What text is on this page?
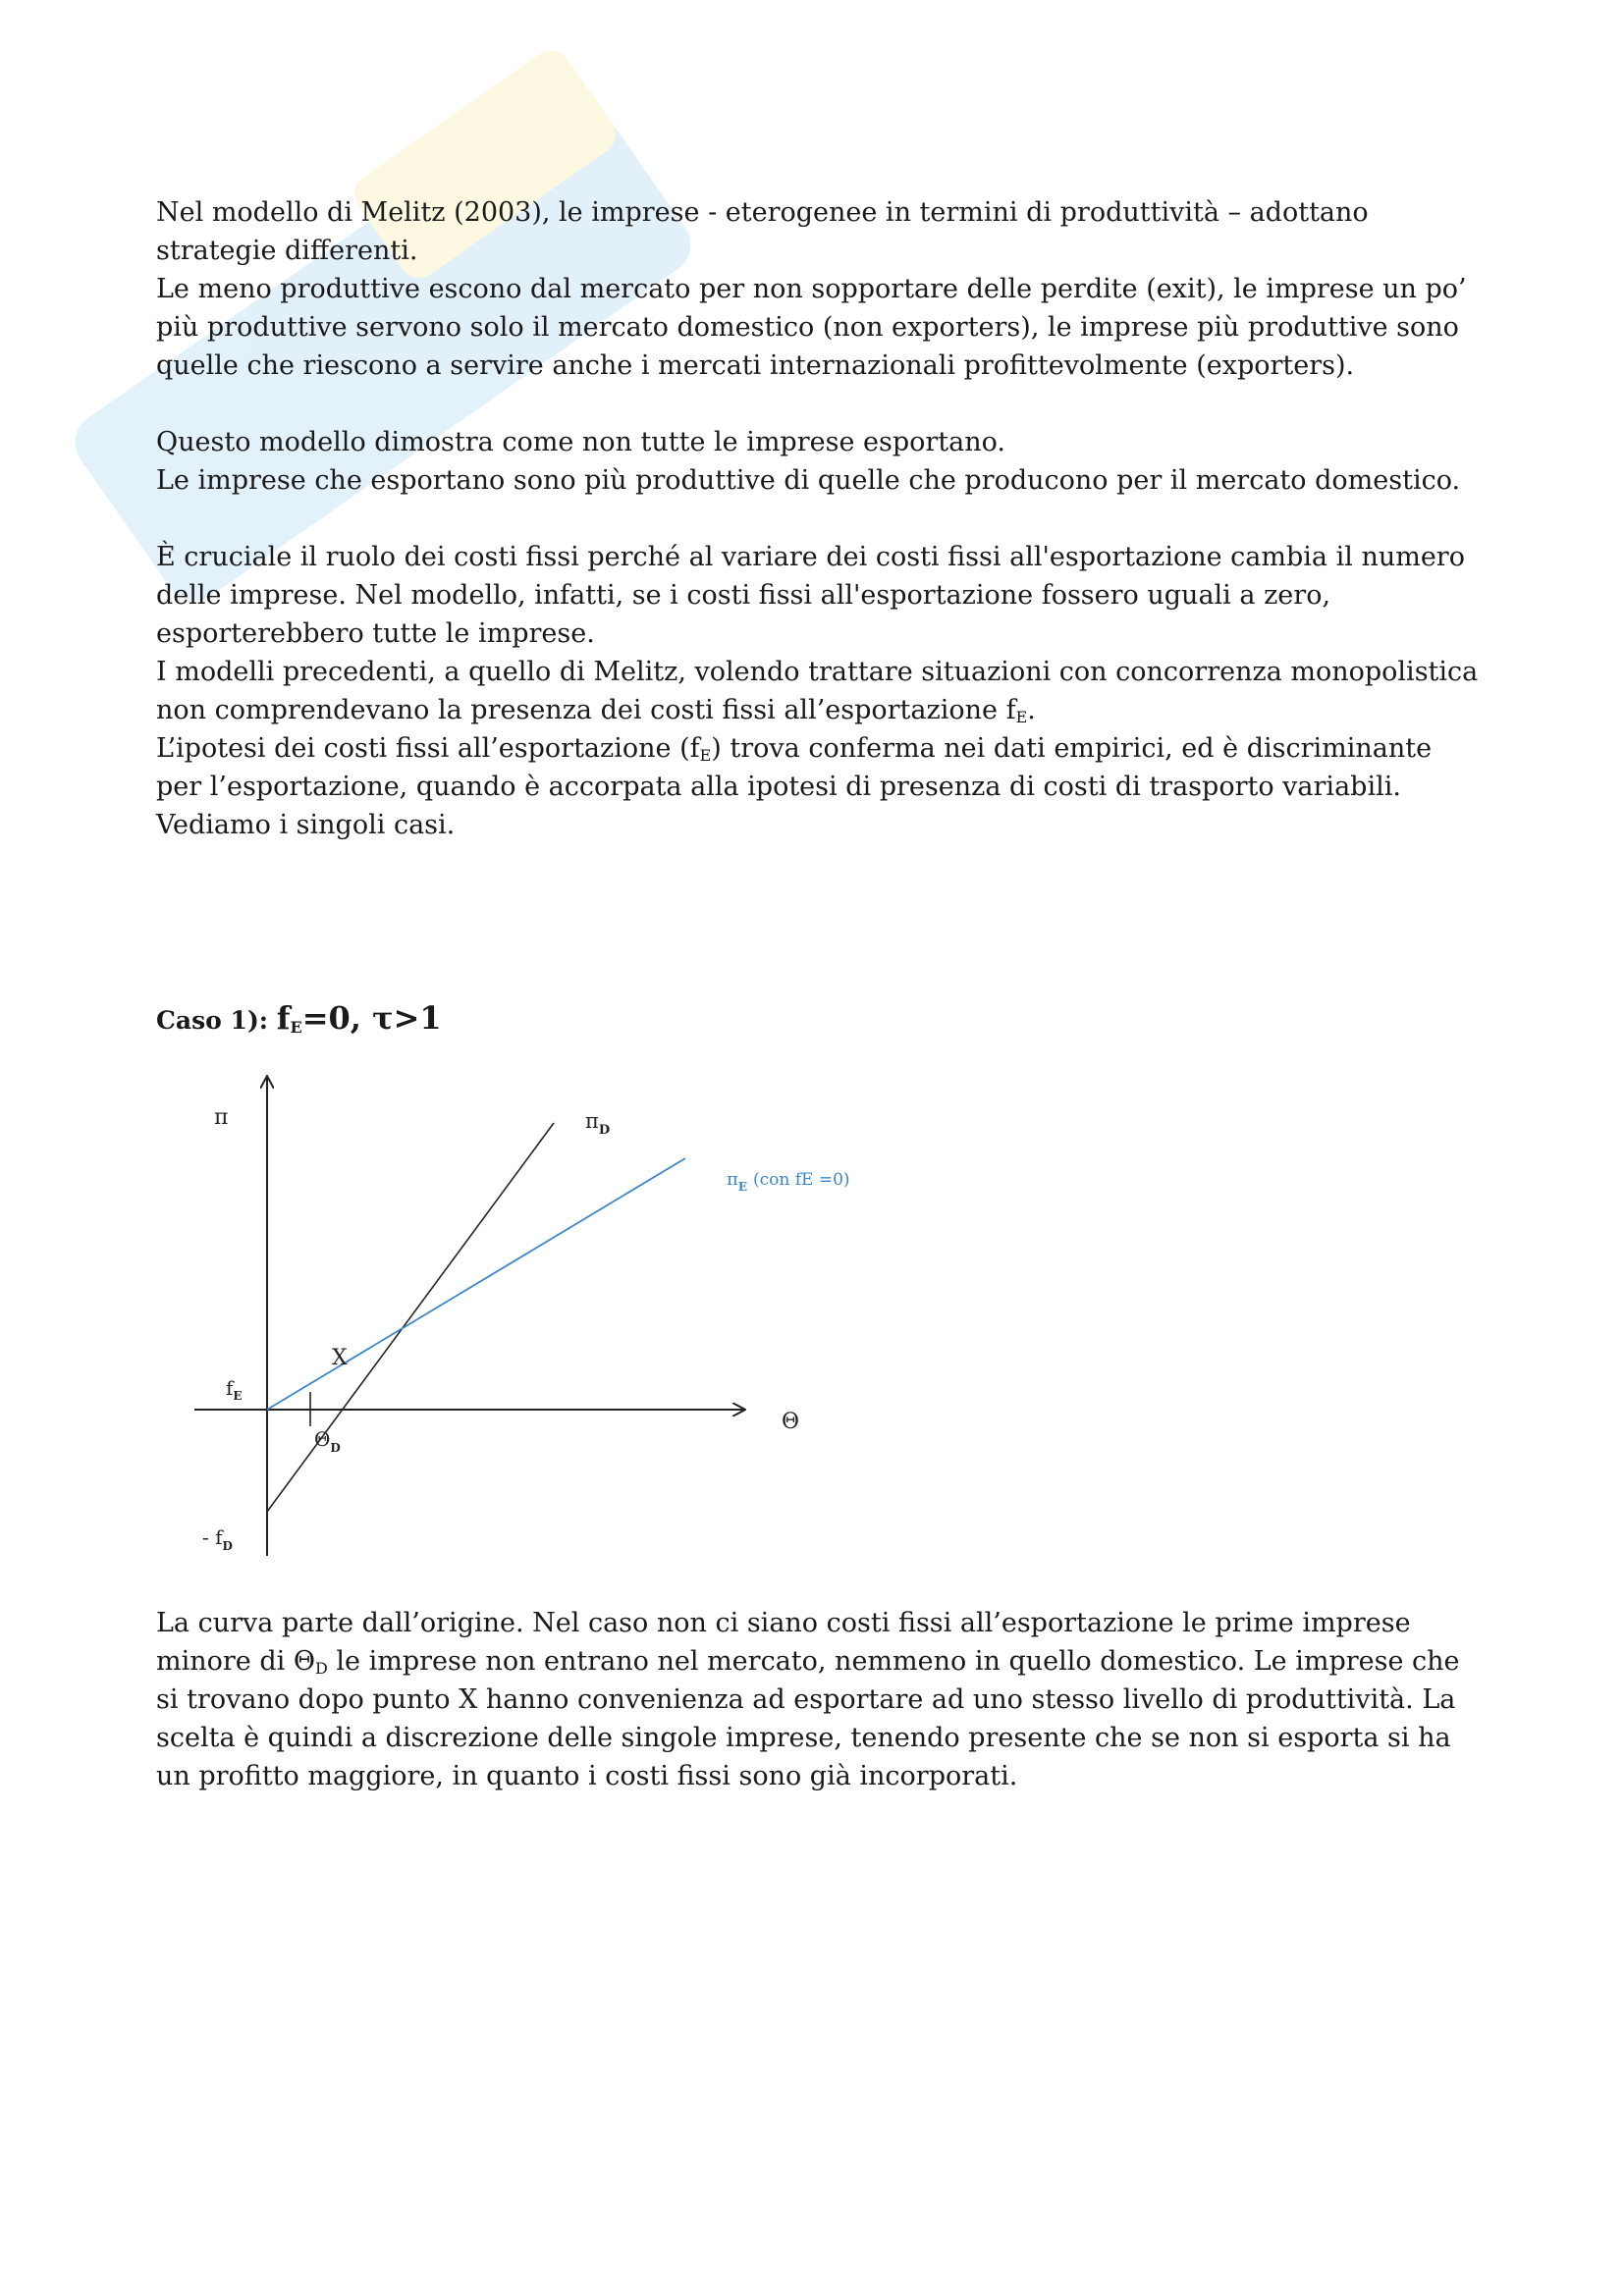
Nel modello di Melitz (2003), le imprese - eterogenee in termini di produttività – adottano strategie differenti.

Le meno produttive escono dal mercato per non sopportare delle perdite (exit), le imprese un po’ più produttive servono solo il mercato domestico (non exporters), le imprese più produttive sono quelle che riescono a servire anche i mercati internazionali profittevolmente (exporters).

Questo modello dimostra come non tutte le imprese esportano.

Le imprese che esportano sono più produttive di quelle che producono per il mercato domestico.

È cruciale il ruolo dei costi fissi perché al variare dei costi fissi all'esportazione cambia il numero delle imprese. Nel modello, infatti, se i costi fissi all'esportazione fossero uguali a zero, esporterebbero tutte le imprese.

I modelli precedenti, a quello di Melitz, volendo trattare situazioni con concorrenza monopolistica non comprendevano la presenza dei costi fissi all’esportazione $f_E$.

L’ipotesi dei costi fissi all’esportazione $(f_E)$ trova conferma nei dati empirici, ed è discriminante per l’esportazione, quando è accorpata alla ipotesi di presenza di costi di trasporto variabili. Vediamo i singoli casi.

Caso 1): $f_E=0$, τ>1
π
Θ
$\pi_D$
$\pi_E$ (con fE =0)
X
$f_E$
$\Theta_D$
- $f_D$

La curva parte dall’origine. Nel caso non ci siano costi fissi all’esportazione le prime imprese minore di $\Theta_D$ le imprese non entrano nel mercato, nemmeno in quello domestico. Le imprese che si trovano dopo punto X hanno convenienza ad esportare ad uno stesso livello di produttività. La scelta è quindi a discrezione delle singole imprese, tenendo presente che se non si esporta si ha un profitto maggiore, in quanto i costi fissi sono già incorporati.
